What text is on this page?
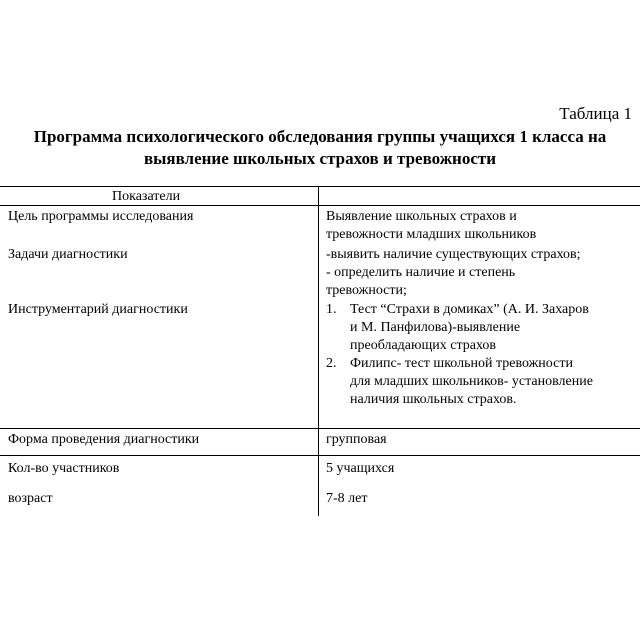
Таблица 1
Программа психологического обследования группы учащихся 1 класса на
выявление школьных страхов и тревожности
Показатели
Цель программы исследования	Выявление школьных страхов и
тревожности младших школьников
Задачи диагностики	-выявить наличие существующих страхов;
- определить наличие и степень
тревожности;
Инструментарий диагностики	1. Тест “Страхи в домиках” (А. И. Захаров
и М. Панфилова)-выявление
преобладающих страхов
2. Филипс- тест школьной тревожности
для младших школьников- установление
наличия школьных страхов.
Форма проведения диагностики	групповая
Кол-во участников	5 учащихся
возраст	7-8 лет
